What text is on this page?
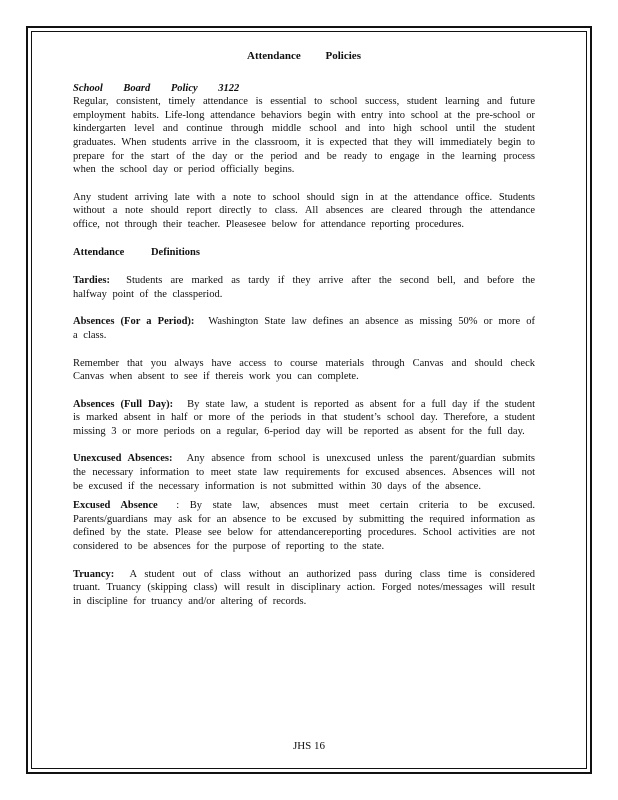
Attendance Policies

School Board Policy 3122
Regular, consistent, timely attendance is essential to school success, student learning and future employment habits. Life-long attendance behaviors begin with entry into school at the pre-school or kindergarten level and continue through middle school and into high school until the student graduates. When students arrive in the classroom, it is expected that they will immediately begin to prepare for the start of the day or the period and be ready to engage in the learning process when the school day or period officially begins.

Any student arriving late with a note to school should sign in at the attendance office. Students without a note should report directly to class. All absences are cleared through the attendance office, not through their teacher. Pleasesee below for attendance reporting procedures.

Attendance Definitions

Tardies: Students are marked as tardy if they arrive after the second bell, and before the halfway point of the classperiod.

Absences (For a Period): Washington State law defines an absence as missing 50% or more of a class.

Remember that you always have access to course materials through Canvas and should check Canvas when absent to see if thereis work you can complete.

Absences (Full Day): By state law, a student is reported as absent for a full day if the student is marked absent in half or more of the periods in that student’s school day. Therefore, a student missing 3 or more periods on a regular, 6-period day will be reported as absent for the full day.

Unexcused Absences: Any absence from school is unexcused unless the parent/guardian submits the necessary information to meet state law requirements for excused absences. Absences will not be excused if the necessary information is not submitted within 30 days of the absence.

Excused Absence : By state law, absences must meet certain criteria to be excused. Parents/guardians may ask for an absence to be excused by submitting the required information as defined by the state. Please see below for attendancereporting procedures. School activities are not considered to be absences for the purpose of reporting to the state.

Truancy: A student out of class without an authorized pass during class time is considered truant. Truancy (skipping class) will result in disciplinary action. Forged notes/messages will result in discipline for truancy and/or altering of records.

JHS 16
